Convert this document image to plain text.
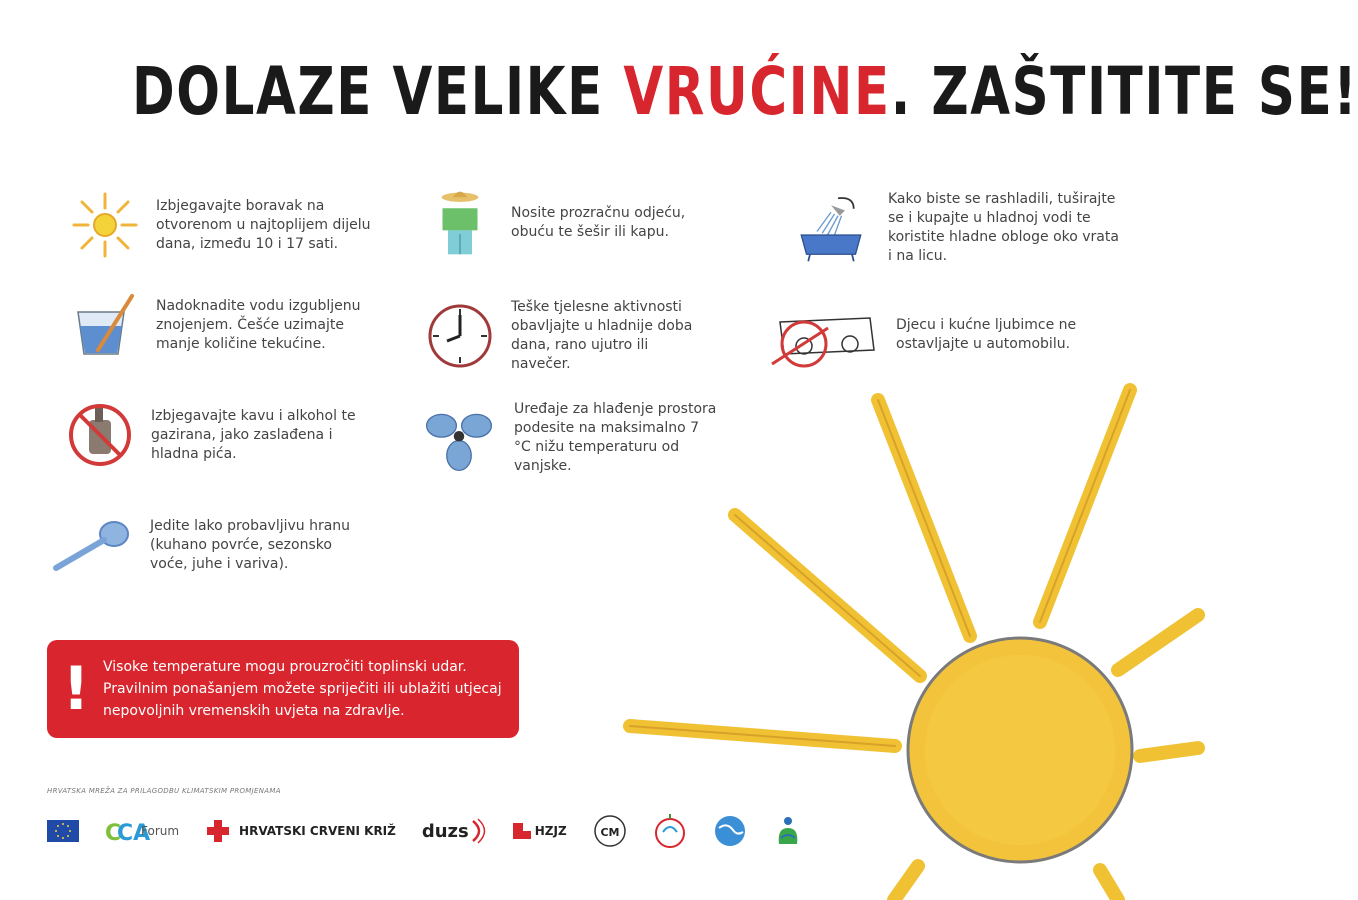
DOLAZE VELIKE VRUĆINE. ZAŠTITITE SE!
Izbjegavajte boravak na otvorenom u najtoplijem dijelu dana, između 10 i 17 sati.
Nadoknadite vodu izgubljenu znojenjem. Češće uzimajte manje količine tekućine.
Izbjegavajte kavu i alkohol te gazirana, jako zaslađena i hladna pića.
Jedite lako probavljivu hranu (kuhano povrće, sezonsko voće, juhe i variva).
Nosite prozračnu odjeću, obuću te šešir ili kapu.
Teške tjelesne aktivnosti obavljajte u hladnije doba dana, rano ujutro ili navečer.
Uređaje za hlađenje prostora podesite na maksimalno 7 °C nižu temperaturu od vanjske.
Kako biste se rashladili, tuširajte se i kupajte u hladnoj vodi te koristite hladne obloge oko vrata i na licu.
Djecu i kućne ljubimce ne ostavljajte u automobilu.
! Visoke temperature mogu prouzročiti toplinski udar. Pravilnim ponašanjem možete spriječiti ili ublažiti utjecaj nepovoljnih vremenskih uvjeta na zdravlje.
HRVATSKA MREŽA ZA PRILAGODBU KLIMATSKIM PROMJENAMA
C
CA
Forum	HRVATSKI CRVENI KRIŽ duzs	HZJZ	CM
